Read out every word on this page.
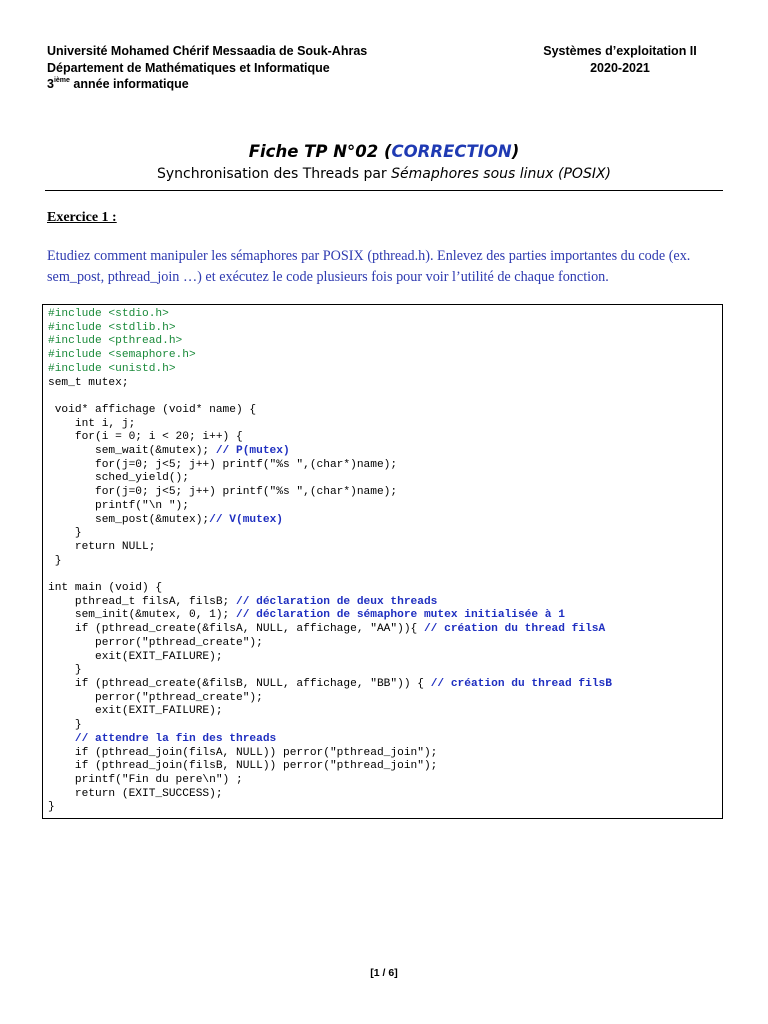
Université Mohamed Chérif Messaadia de Souk-Ahras
Département de Mathématiques et Informatique
3ième année informatique
Systèmes d’exploitation II
2020-2021
Fiche TP N°02 (CORRECTION)
Synchronisation des Threads par Sémaphores sous linux (POSIX)
Exercice 1 :
Etudiez comment manipuler les sémaphores par POSIX (pthread.h). Enlevez des parties importantes du code (ex. sem_post, pthread_join …) et exécutez le code plusieurs fois pour voir l’utilité de chaque fonction.
#include <stdio.h>
#include <stdlib.h>
#include <pthread.h>
#include <semaphore.h>
#include <unistd.h>
sem_t mutex;
void* affichage (void* name) {
int i, j;
for(i = 0; i < 20; i++) {
sem_wait(&mutex); // P(mutex)
for(j=0; j<5; j++) printf("%s ",(char*)name);
sched_yield();
for(j=0; j<5; j++) printf("%s ",(char*)name);
printf("\n ");
sem_post(&mutex);// V(mutex)
}
return NULL;
}
int main (void) {
pthread_t filsA, filsB; // déclaration de deux threads
sem_init(&mutex, 0, 1); // déclaration de sémaphore mutex initialisée à 1
if (pthread_create(&filsA, NULL, affichage, "AA")){ // création du thread filsA
perror("pthread_create");
exit(EXIT_FAILURE);
}
if (pthread_create(&filsB, NULL, affichage, "BB")) { // création du thread filsB
perror("pthread_create");
exit(EXIT_FAILURE);
}
// attendre la fin des threads
if (pthread_join(filsA, NULL)) perror("pthread_join");
if (pthread_join(filsB, NULL)) perror("pthread_join");
printf("Fin du pere\n") ;
return (EXIT_SUCCESS);
}
[1 / 6]
